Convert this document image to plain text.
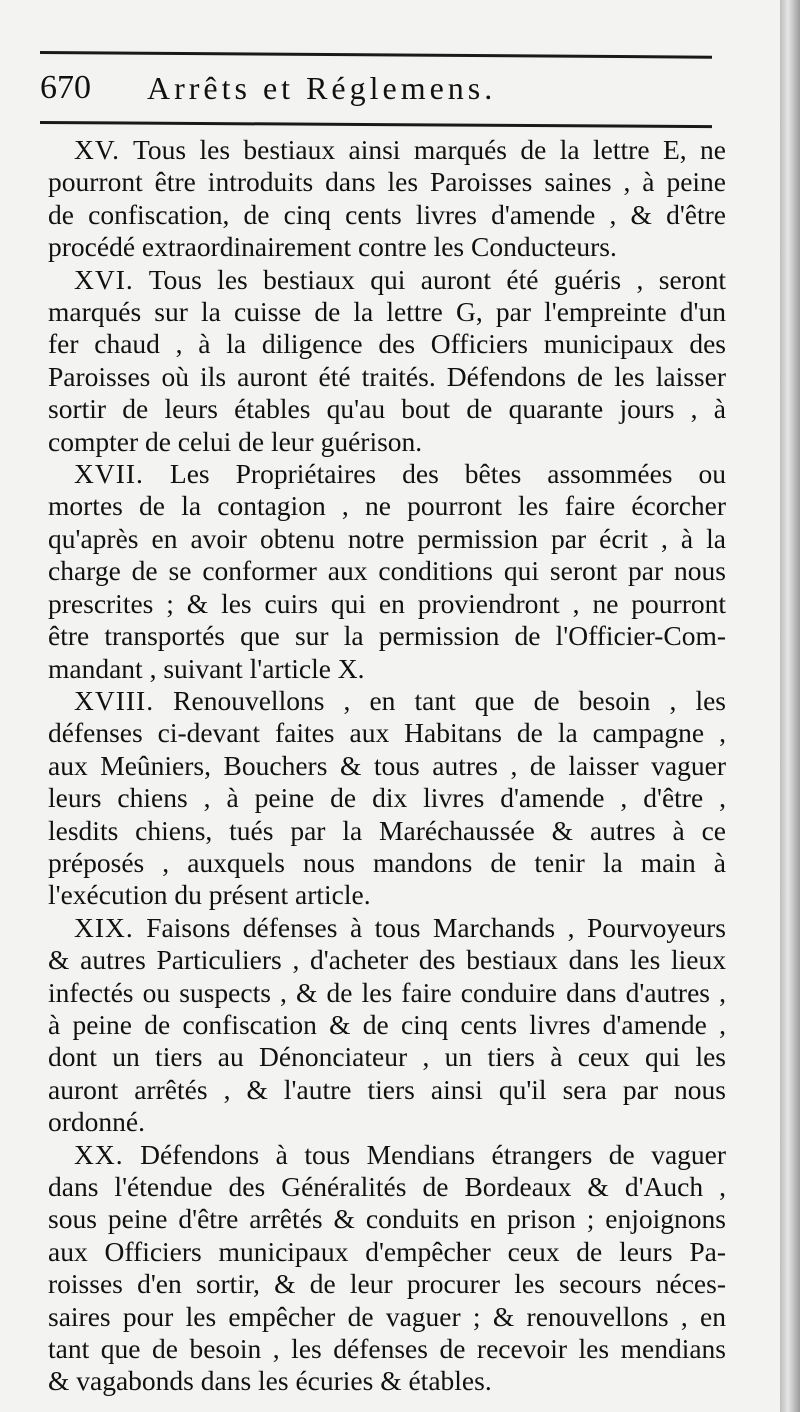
670 Arrêts et Réglemens.
XV. Tous les bestiaux ainsi marqués de la lettre E, ne
pourront être introduits dans les Paroisses saines , à peine
de confiscation, de cinq cents livres d'amende , & d'être
procédé extraordinairement contre les Conducteurs.
XVI. Tous les bestiaux qui auront été guéris , seront
marqués sur la cuisse de la lettre G, par l'empreinte d'un
fer chaud , à la diligence des Officiers municipaux des
Paroisses où ils auront été traités. Défendons de les laisser
sortir de leurs étables qu'au bout de quarante jours , à
compter de celui de leur guérison.
XVII. Les Propriétaires des bêtes assommées ou
mortes de la contagion , ne pourront les faire écorcher
qu'après en avoir obtenu notre permission par écrit , à la
charge de se conformer aux conditions qui seront par nous
prescrites ; & les cuirs qui en proviendront , ne pourront
être transportés que sur la permission de l'Officier-Com-
mandant , suivant l'article X.
XVIII. Renouvellons , en tant que de besoin , les
défenses ci-devant faites aux Habitans de la campagne ,
aux Meûniers, Bouchers & tous autres , de laisser vaguer
leurs chiens , à peine de dix livres d'amende , d'être ,
lesdits chiens, tués par la Maréchaussée & autres à ce
préposés , auxquels nous mandons de tenir la main à
l'exécution du présent article.
XIX. Faisons défenses à tous Marchands , Pourvoyeurs
& autres Particuliers , d'acheter des bestiaux dans les lieux
infectés ou suspects , & de les faire conduire dans d'autres ,
à peine de confiscation & de cinq cents livres d'amende ,
dont un tiers au Dénonciateur , un tiers à ceux qui les
auront arrêtés , & l'autre tiers ainsi qu'il sera par nous
ordonné.
XX. Défendons à tous Mendians étrangers de vaguer
dans l'étendue des Généralités de Bordeaux & d'Auch ,
sous peine d'être arrêtés & conduits en prison ; enjoignons
aux Officiers municipaux d'empêcher ceux de leurs Pa-
roisses d'en sortir, & de leur procurer les secours néces-
saires pour les empêcher de vaguer ; & renouvellons , en
tant que de besoin , les défenses de recevoir les mendians
& vagabonds dans les écuries & étables.
